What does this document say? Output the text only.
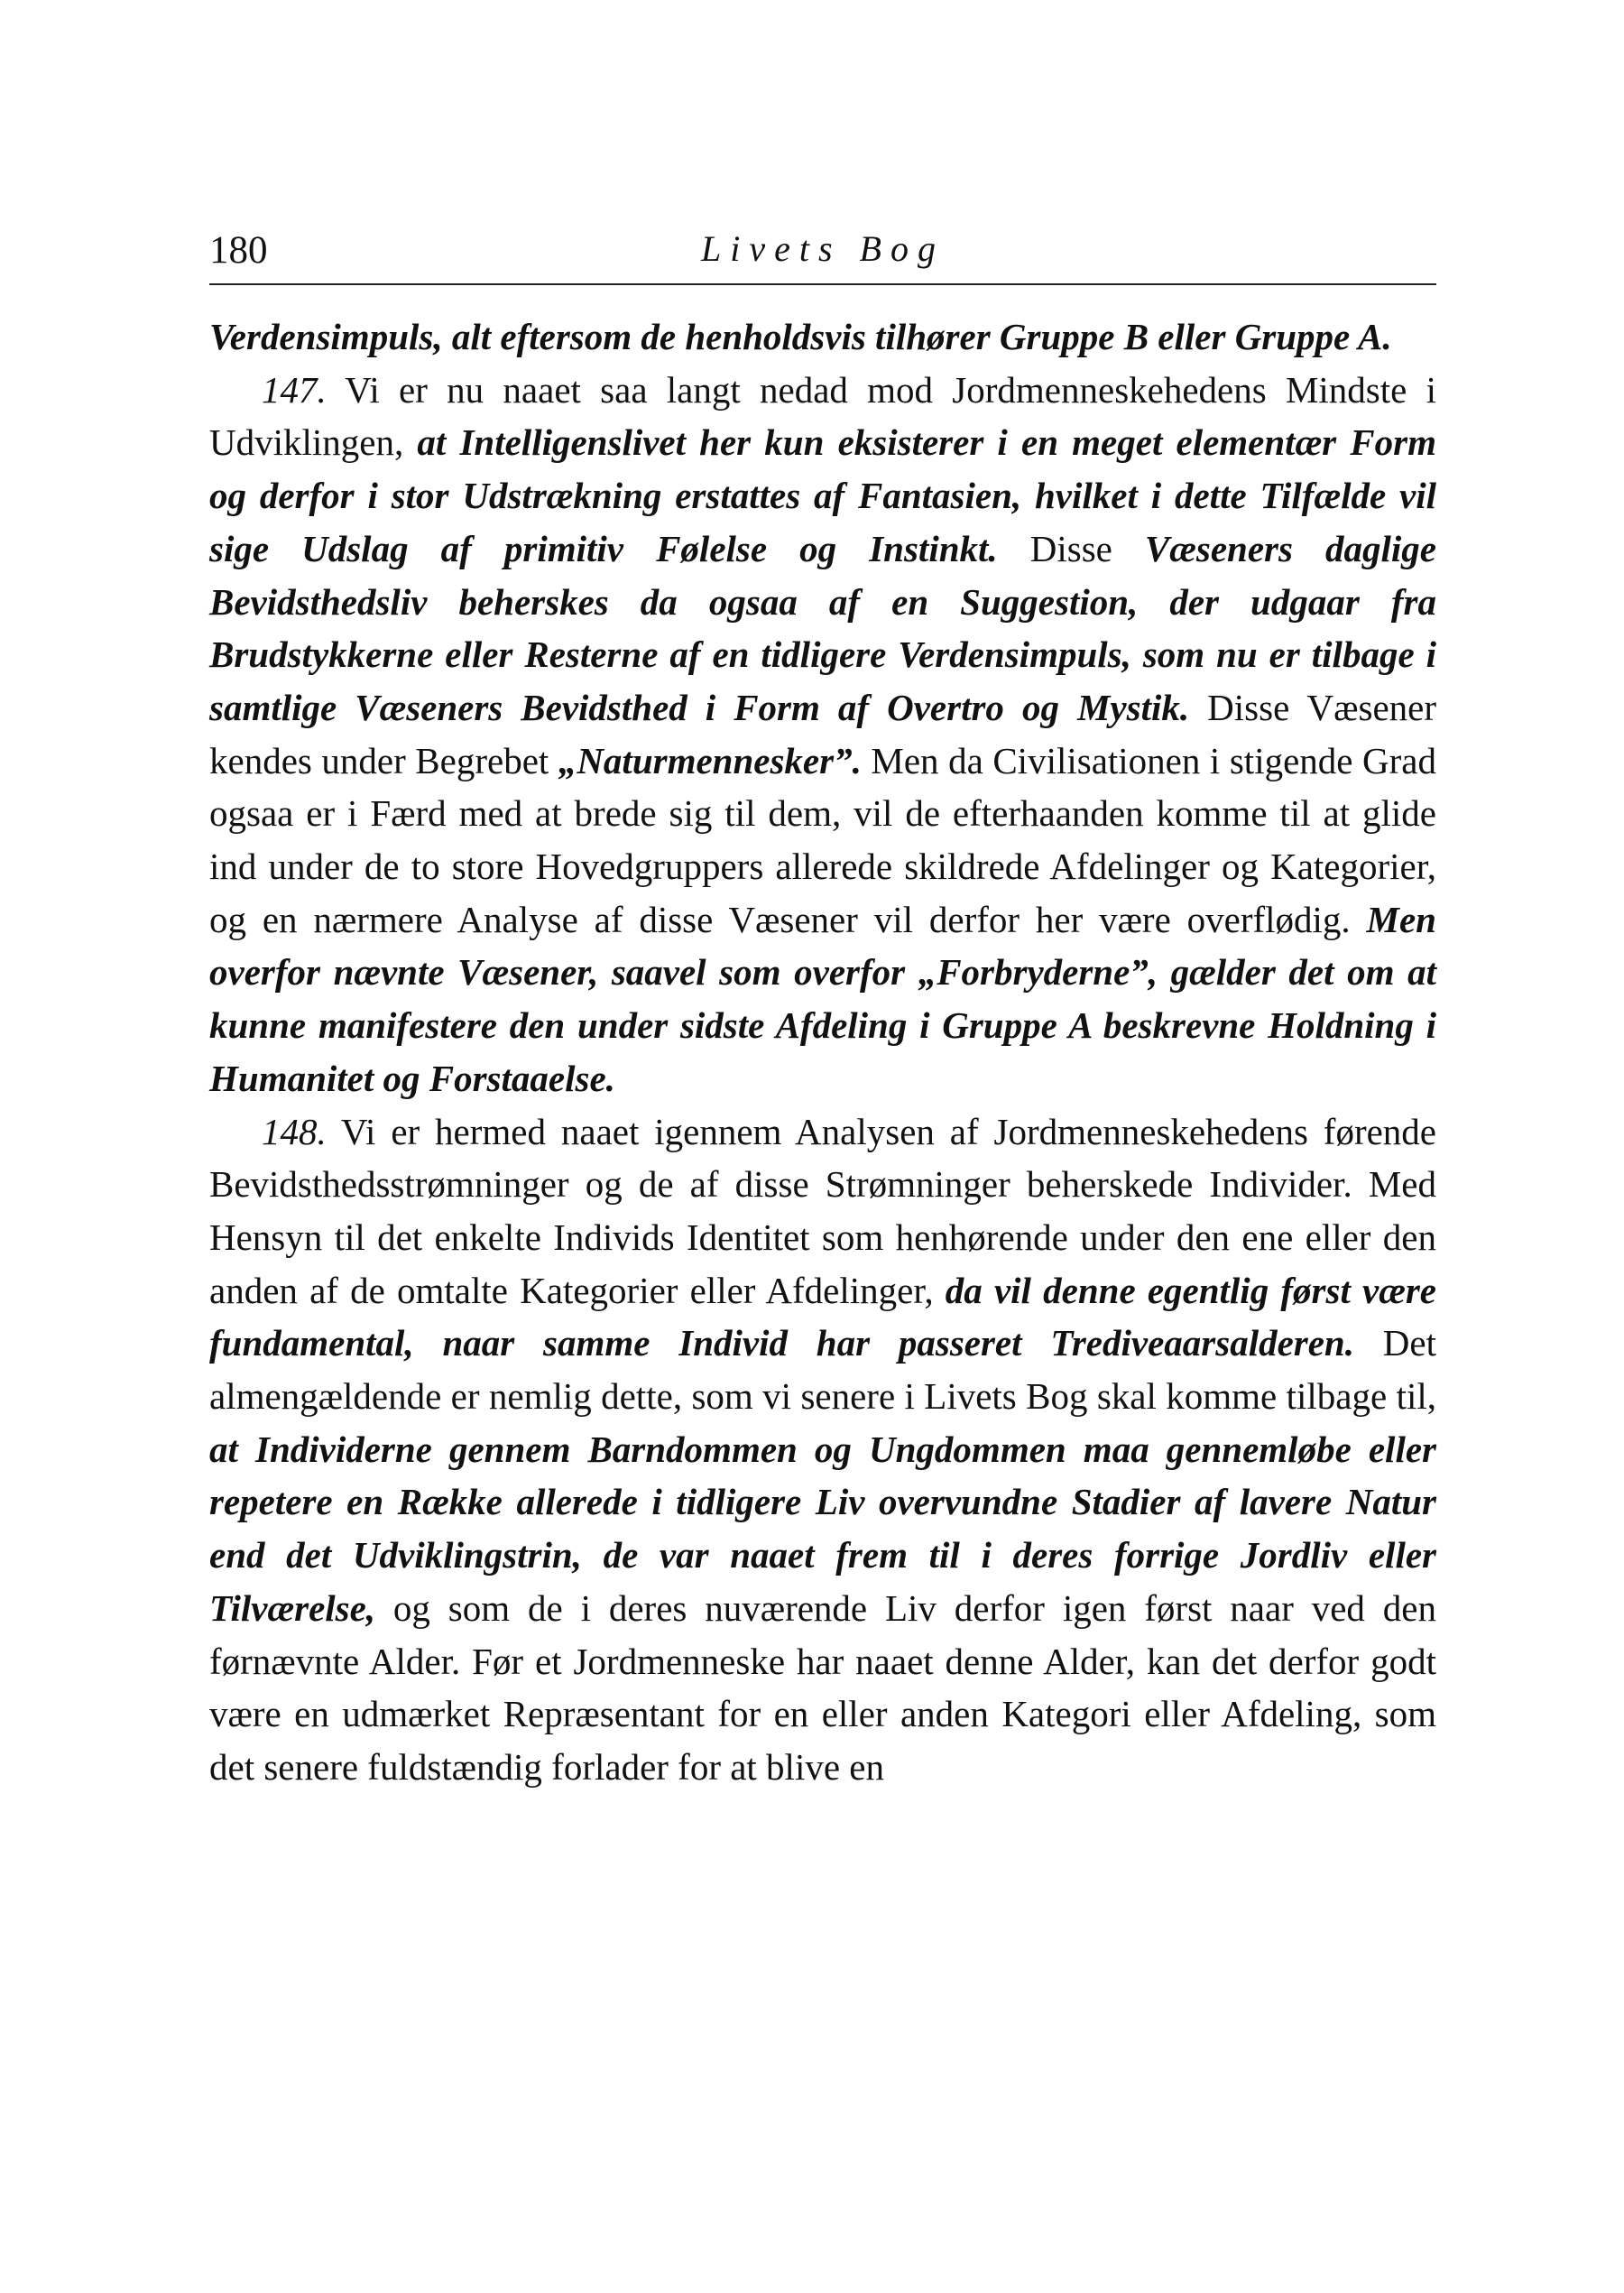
180	Livets Bog

Verdensimpuls, alt eftersom de henholdsvis tilhører Gruppe B eller Gruppe A.

147. Vi er nu naaet saa langt nedad mod Jordmenneskehedens Mindste i Udviklingen, at Intelligenslivet her kun eksisterer i en meget elementær Form og derfor i stor Udstrækning erstattes af Fantasien, hvilket i dette Tilfælde vil sige Udslag af primitiv Følelse og Instinkt. Disse Væseners daglige Bevidsthedsliv beherskes da ogsaa af en Suggestion, der udgaar fra Brudstykkerne eller Resterne af en tidligere Verdensimpuls, som nu er tilbage i samtlige Væseners Bevidsthed i Form af Overtro og Mystik. Disse Væsener kendes under Begrebet „Naturmennesker”. Men da Civilisationen i stigende Grad ogsaa er i Færd med at brede sig til dem, vil de efterhaanden komme til at glide ind under de to store Hovedgruppers allerede skildrede Afdelinger og Kategorier, og en nærmere Analyse af disse Væsener vil derfor her være overflødig. Men overfor nævnte Væsener, saavel som overfor „Forbryderne”, gælder det om at kunne manifestere den under sidste Afdeling i Gruppe A beskrevne Holdning i Humanitet og Forstaaelse.

148. Vi er hermed naaet igennem Analysen af Jordmenneskehedens førende Bevidsthedsstrømninger og de af disse Strømninger beherskede Individer. Med Hensyn til det enkelte Individs Identitet som henhørende under den ene eller den anden af de omtalte Kategorier eller Afdelinger, da vil denne egentlig først være fundamental, naar samme Individ har passeret Trediveaarsalderen. Det almengældende er nemlig dette, som vi senere i Livets Bog skal komme tilbage til, at Individerne gennem Barndommen og Ungdommen maa gennemløbe eller repetere en Række allerede i tidligere Liv overvundne Stadier af lavere Natur end det Udviklingstrin, de var naaet frem til i deres forrige Jordliv eller Tilværelse, og som de i deres nuværende Liv derfor igen først naar ved den førnævnte Alder. Før et Jordmenneske har naaet denne Alder, kan det derfor godt være en udmærket Repræsentant for en eller anden Kategori eller Afdeling, som det senere fuldstændig forlader for at blive en
